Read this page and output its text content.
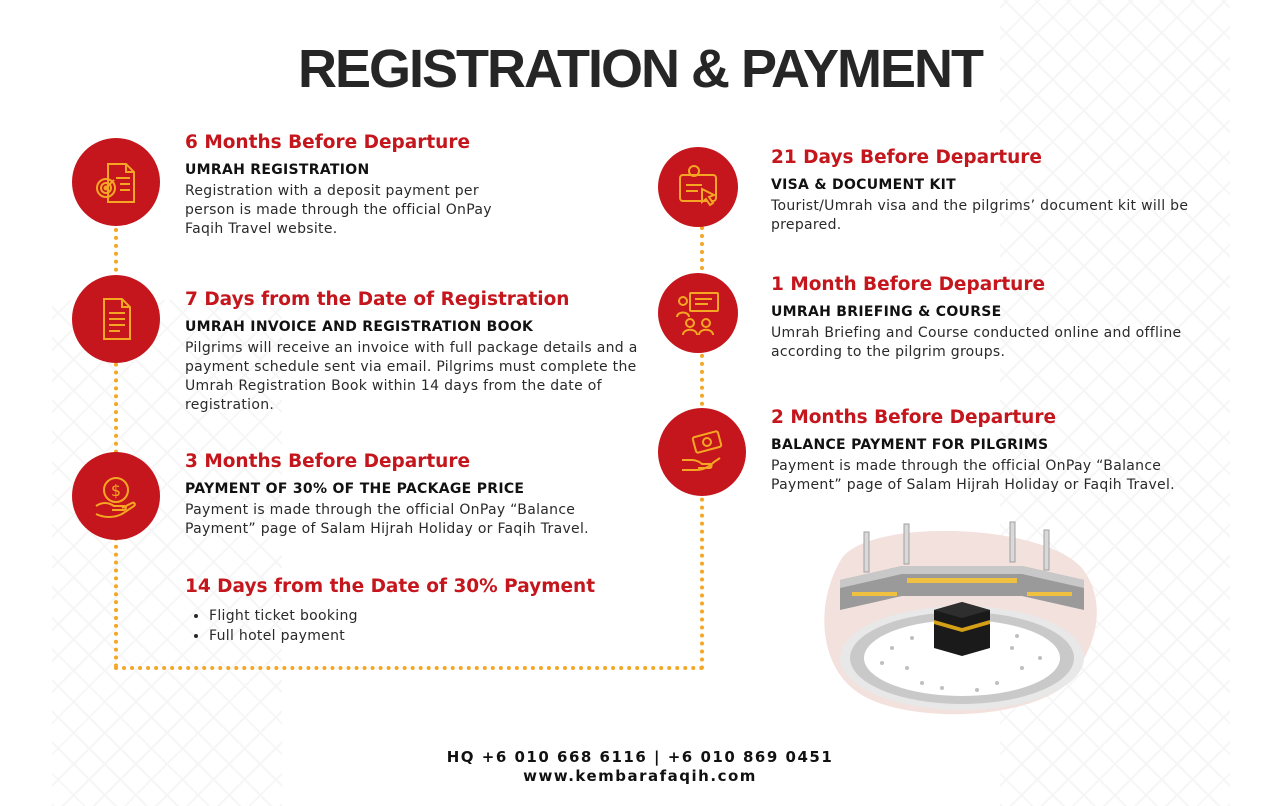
REGISTRATION & PAYMENT
$
6 Months Before Departure
UMRAH REGISTRATION

Registration with a deposit payment per person is made through the official OnPay Faqih Travel website.

7 Days from the Date of Registration
UMRAH INVOICE AND REGISTRATION BOOK

Pilgrims will receive an invoice with full package details and a payment schedule sent via email. Pilgrims must complete the Umrah Registration Book within 14 days from the date of registration.

3 Months Before Departure
PAYMENT OF 30% OF THE PACKAGE PRICE

Payment is made through the official OnPay “Balance Payment” page of Salam Hijrah Holiday or Faqih Travel.

14 Days from the Date of 30% Payment
• Flight ticket booking
• Full hotel payment
21 Days Before Departure
VISA & DOCUMENT KIT

Tourist/Umrah visa and the pilgrims’ document kit will be prepared.

1 Month Before Departure
UMRAH BRIEFING & COURSE

Umrah Briefing and Course conducted online and offline according to the pilgrim groups.

2 Months Before Departure
BALANCE PAYMENT FOR PILGRIMS

Payment is made through the official OnPay “Balance Payment” page of Salam Hijrah Holiday or Faqih Travel.

HQ +6 010 668 6116 | +6 010 869 0451
www.kembarafaqih.com
